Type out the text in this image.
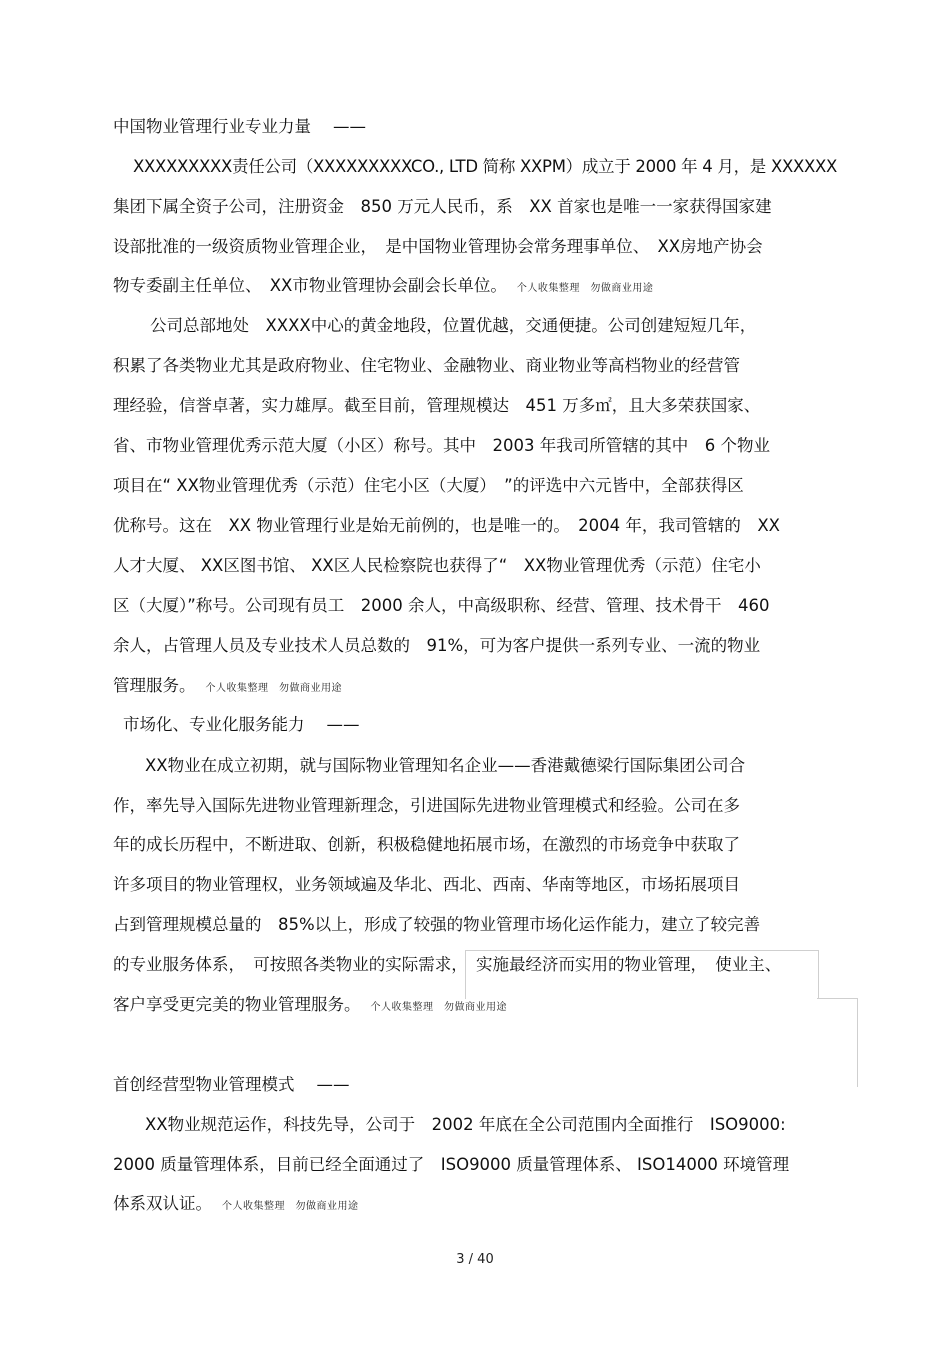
中国物业管理行业专业力量 ——

XXXXXXXXX责任公司（XXXXXXXXXCO., LTD 简称 XXPM）成立于 2000 年 4 月，是 XXXXXX

集团下属全资子公司，注册资金　850 万元人民币，系　XX 首家也是唯一一家获得国家建

设部批准的一级资质物业管理企业，　是中国物业管理协会常务理事单位、　XX房地产协会

物专委副主任单位、　XX市物业管理协会副会长单位。 个人收集整理　勿做商业用途

公司总部地处　XXXX中心的黄金地段，位置优越，交通便捷。公司创建短短几年，

积累了各类物业尤其是政府物业、住宅物业、金融物业、商业物业等高档物业的经营管

理经验，信誉卓著，实力雄厚。截至目前，管理规模达　451 万多㎡，且大多荣获国家、

省、市物业管理优秀示范大厦（小区）称号。其中　2003 年我司所管辖的其中　6 个物业

项目在“ XX物业管理优秀（示范）住宅小区（大厦）　”的评选中六元皆中，全部获得区

优称号。这在　XX 物业管理行业是始无前例的，也是唯一的。　2004 年，我司管辖的　XX

人才大厦、 XX区图书馆、 XX区人民检察院也获得了“　XX物业管理优秀（示范）住宅小

区（大厦）”称号。公司现有员工　2000 余人，中高级职称、经营、管理、技术骨干　460

余人，占管理人员及专业技术人员总数的　91%，可为客户提供一系列专业、一流的物业

管理服务。 个人收集整理　勿做商业用途

市场化、专业化服务能力 ——

XX物业在成立初期，就与国际物业管理知名企业——香港戴德梁行国际集团公司合

作，率先导入国际先进物业管理新理念，引进国际先进物业管理模式和经验。公司在多

年的成长历程中，不断进取、创新，积极稳健地拓展市场，在激烈的市场竞争中获取了

许多项目的物业管理权，业务领域遍及华北、西北、西南、华南等地区，市场拓展项目

占到管理规模总量的　85%以上，形成了较强的物业管理市场化运作能力，建立了较完善

的专业服务体系，　可按照各类物业的实际需求，　实施最经济而实用的物业管理，　使业主、

客户享受更完美的物业管理服务。 个人收集整理　勿做商业用途

首创经营型物业管理模式 ——

XX物业规范运作，科技先导，公司于　2002 年底在全公司范围内全面推行　ISO9000:

2000 质量管理体系，目前已经全面通过了　ISO9000 质量管理体系、 ISO14000 环境管理

体系双认证。 个人收集整理　勿做商业用途

3 / 40
